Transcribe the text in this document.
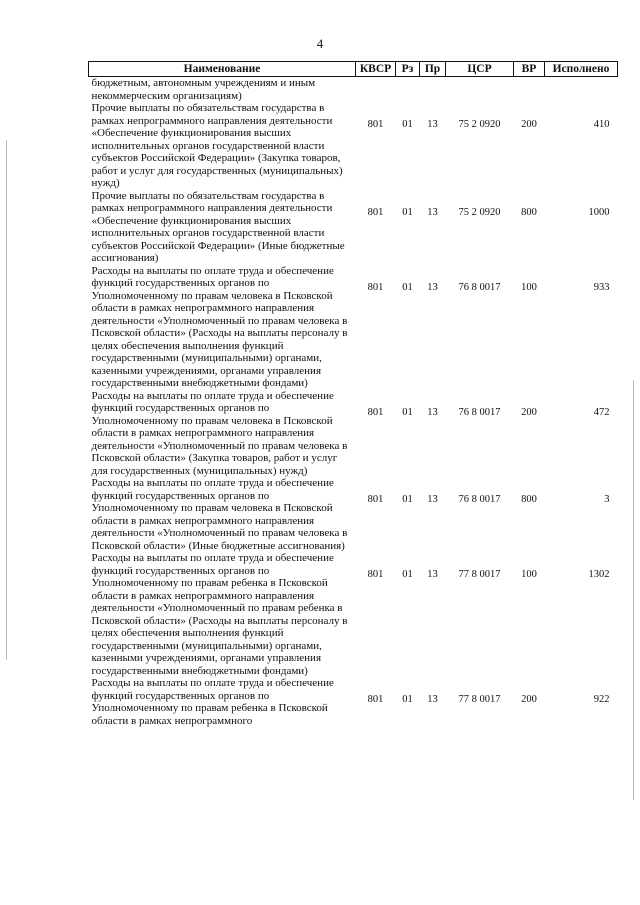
4
Наименование	КВСР	Рз	Пр	ЦСР	ВР	Исполнено
бюджетным, автономным учреждениям и иным некоммерческим организациям)						
Прочие выплаты по обязательствам государства в рамках непрограммного направления деятельности «Обеспечение функционирования высших исполнительных органов государственной власти субъектов Российской Федерации» (Закупка товаров, работ и услуг для государственных (муниципальных) нужд)	801	01	13	75 2 0920	200	410
Прочие выплаты по обязательствам государства в рамках непрограммного направления деятельности «Обеспечение функционирования высших исполнительных органов государственной власти субъектов Российской Федерации» (Иные бюджетные ассигнования)	801	01	13	75 2 0920	800	1000
Расходы на выплаты по оплате труда и обеспечение функций государственных органов по Уполномоченному по правам человека в Псковской области в рамках непрограммного направления деятельности «Уполномоченный по правам человека в Псковской области» (Расходы на выплаты персоналу в целях обеспечения выполнения функций государственными (муниципальными) органами, казенными учреждениями, органами управления государственными внебюджетными фондами)	801	01	13	76 8 0017	100	933
Расходы на выплаты по оплате труда и обеспечение функций государственных органов по Уполномоченному по правам человека в Псковской области в рамках непрограммного направления деятельности «Уполномоченный по правам человека в Псковской области» (Закупка товаров, работ и услуг для государственных (муниципальных) нужд)	801	01	13	76 8 0017	200	472
Расходы на выплаты по оплате труда и обеспечение функций государственных органов по Уполномоченному по правам человека в Псковской области в рамках непрограммного направления деятельности «Уполномоченный по правам человека в Псковской области» (Иные бюджетные ассигнования)	801	01	13	76 8 0017	800	3
Расходы на выплаты по оплате труда и обеспечение функций государственных органов по Уполномоченному по правам ребенка в Псковской области в рамках непрограммного направления деятельности «Уполномоченный по правам ребенка в Псковской области» (Расходы на выплаты персоналу в целях обеспечения выполнения функций государственными (муниципальными) органами, казенными учреждениями, органами управления государственными внебюджетными фондами)	801	01	13	77 8 0017	100	1302
Расходы на выплаты по оплате труда и обеспечение функций государственных органов по Уполномоченному по правам ребенка в Псковской области в рамках непрограммного	801	01	13	77 8 0017	200	922
